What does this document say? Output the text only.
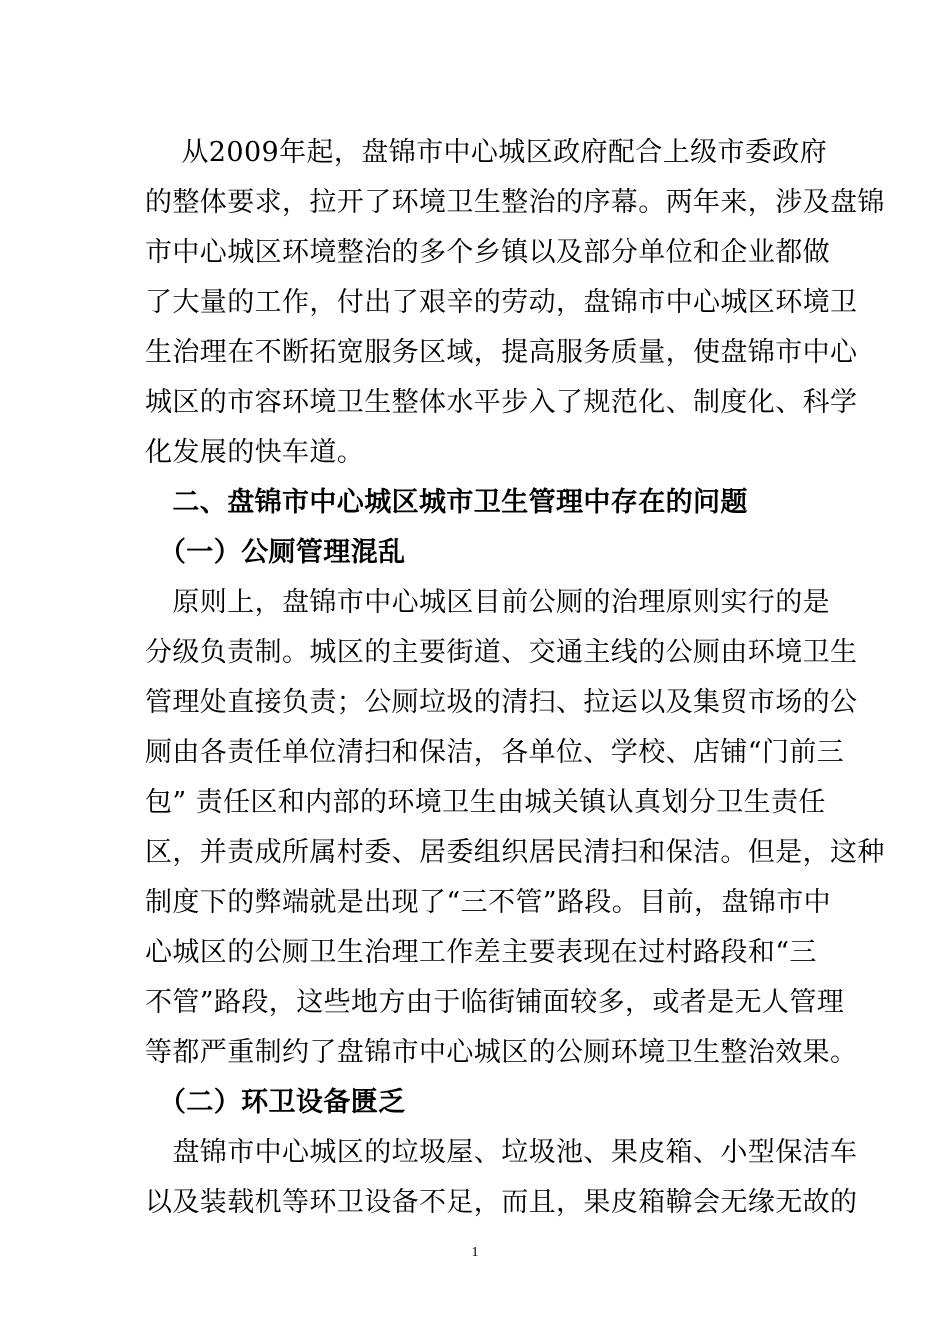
　 从2009年起，盘锦市中心城区政府配合上级市委政府
的整体要求，拉开了环境卫生整治的序幕。两年来，涉及盘锦
市中心城区环境整治的多个乡镇以及部分单位和企业都做
了大量的工作，付出了艰辛的劳动，盘锦市中心城区环境卫
生治理在不断拓宽服务区域，提高服务质量，使盘锦市中心
城区的市容环境卫生整体水平步入了规范化、制度化、科学
化发展的快车道。
　二、盘锦市中心城区城市卫生管理中存在的问题
　（一）公厕管理混乱
　原则上，盘锦市中心城区目前公厕的治理原则实行的是
分级负责制。城区的主要街道、交通主线的公厕由环境卫生
管理处直接负责；公厕垃圾的清扫、拉运以及集贸市场的公
厕由各责任单位清扫和保洁，各单位、学校、店铺“门前三
包” 责任区和内部的环境卫生由城关镇认真划分卫生责任
区，并责成所属村委、居委组织居民清扫和保洁。但是，这种
制度下的弊端就是出现了“三不管”路段。目前，盘锦市中
心城区的公厕卫生治理工作差主要表现在过村路段和“三
不管”路段，这些地方由于临街铺面较多，或者是无人管理
等都严重制约了盘锦市中心城区的公厕环境卫生整治效果。
　（二）环卫设备匮乏
　盘锦市中心城区的垃圾屋、垃圾池、果皮箱、小型保洁车
以及装载机等环卫设备不足，而且，果皮箱鞥会无缘无故的
1
